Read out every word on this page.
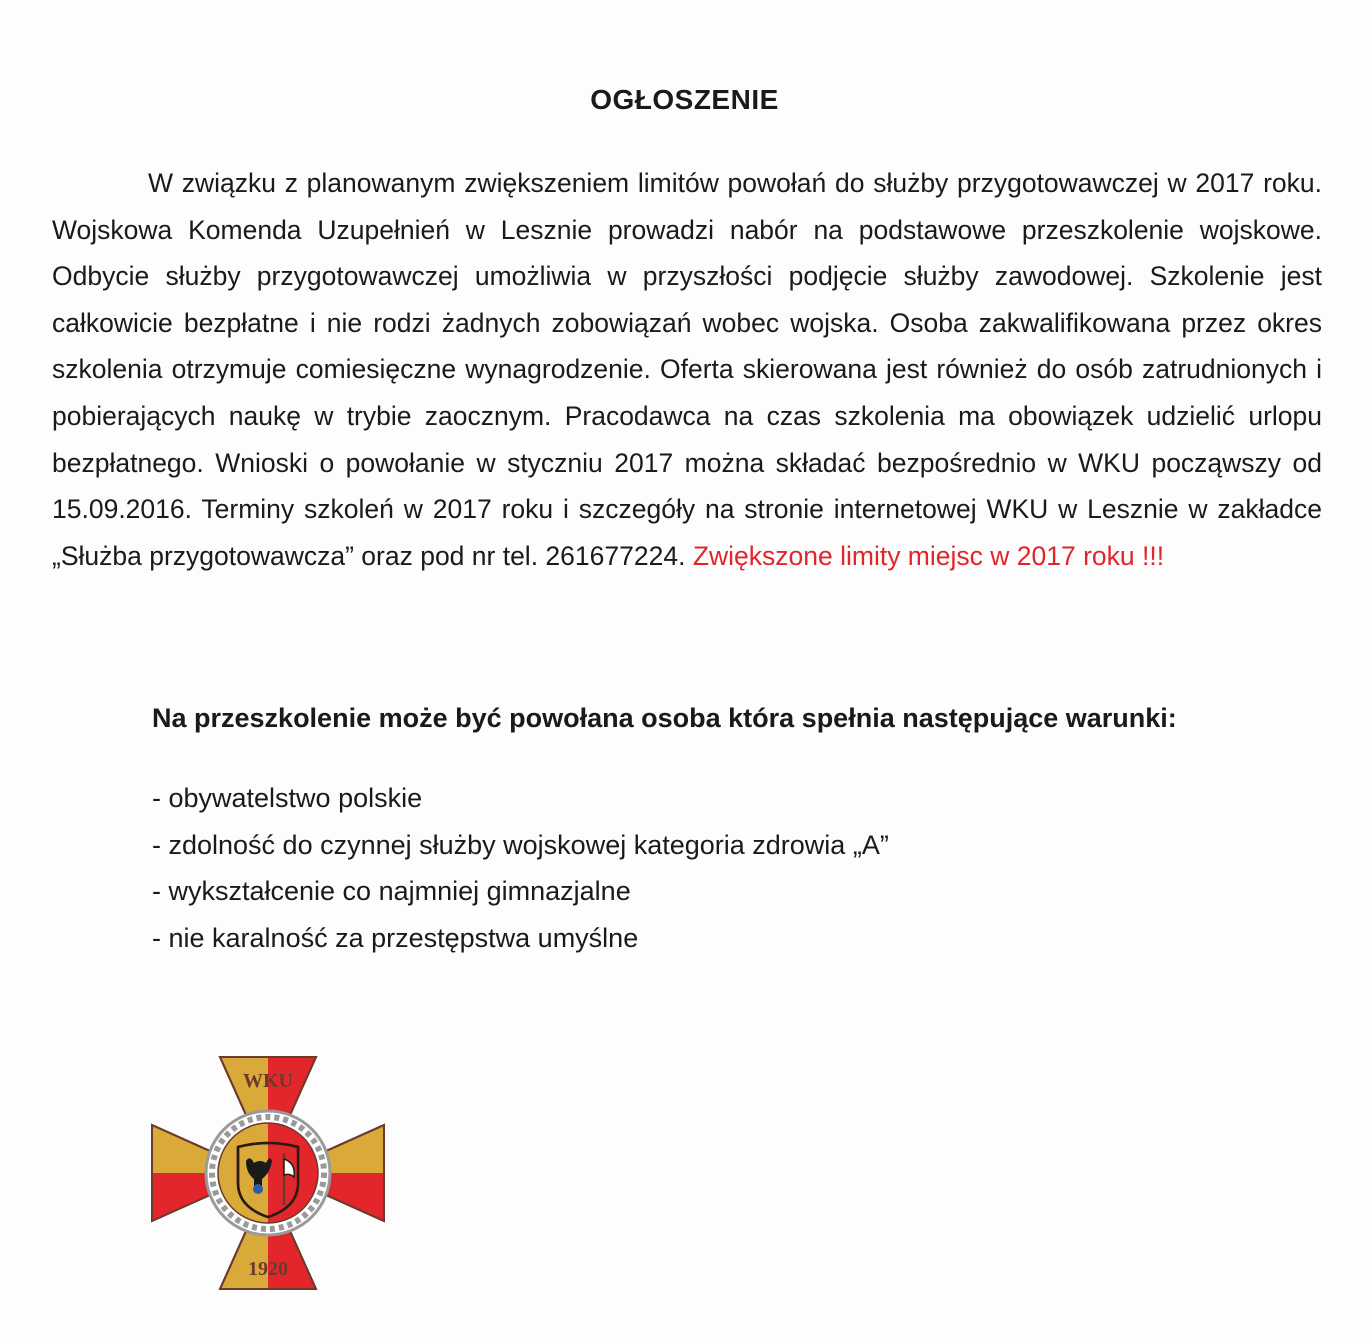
OGŁOSZENIE

W związku z planowanym zwiększeniem limitów powołań do służby przygotowawczej w 2017 roku. Wojskowa Komenda Uzupełnień w Lesznie prowadzi nabór na podstawowe przeszkolenie wojskowe. Odbycie służby przygotowawczej umożliwia w przyszłości podjęcie służby zawodowej. Szkolenie jest całkowicie bezpłatne i nie rodzi żadnych zobowiązań wobec wojska. Osoba zakwalifikowana przez okres szkolenia otrzymuje comiesięczne wynagrodzenie. Oferta skierowana jest również do osób zatrudnionych i pobierających naukę w trybie zaocznym. Pracodawca na czas szkolenia ma obowiązek udzielić urlopu bezpłatnego. Wnioski o powołanie w styczniu 2017 można składać bezpośrednio w WKU począwszy od 15.09.2016. Terminy szkoleń w 2017 roku i szczegóły na stronie internetowej WKU w Lesznie w zakładce „Służba przygotowawcza” oraz pod nr tel. 261677224. Zwiększone limity miejsc w 2017 roku !!!

Na przeszkolenie może być powołana osoba która spełnia następujące warunki:
- obywatelstwo polskie
- zdolność do czynnej służby wojskowej kategoria zdrowia „A”
- wykształcenie co najmniej gimnazjalne
- nie karalność za przestępstwa umyślne
WKU
1920
